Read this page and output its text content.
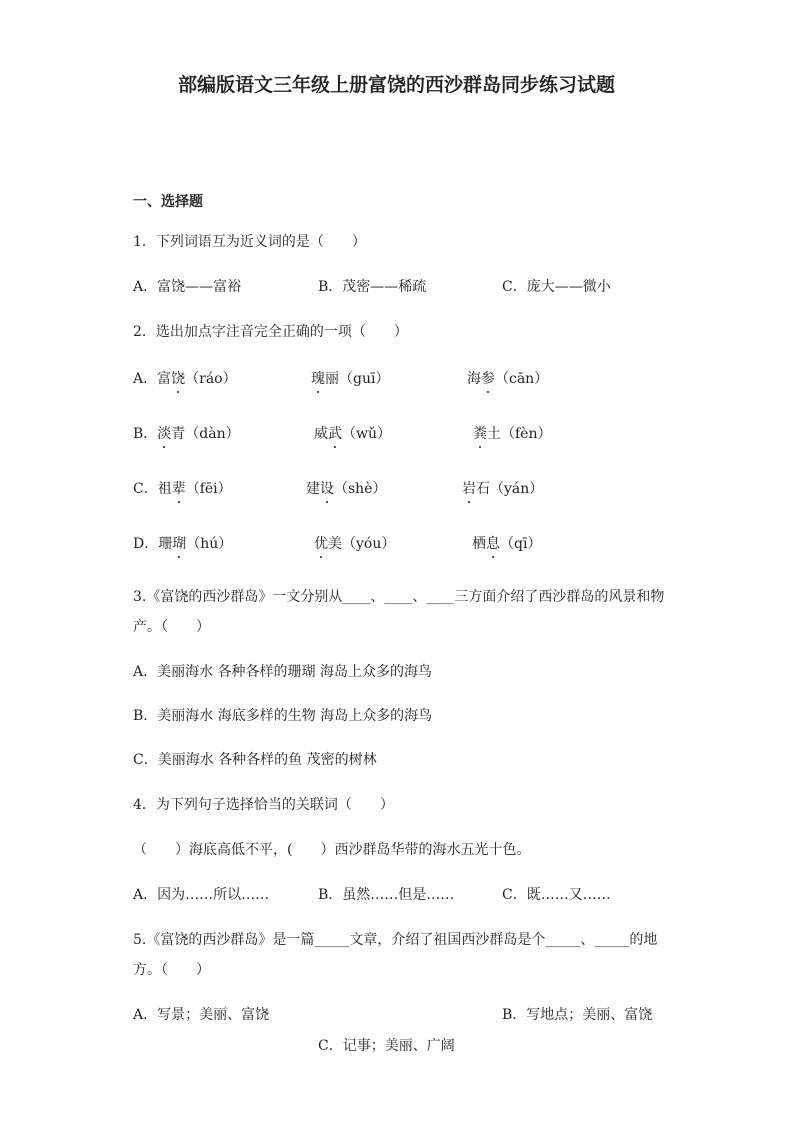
部编版语文三年级上册富饶的西沙群岛同步练习试题
一、选择题
1．下列词语互为近义词的是（　　）
A．富饶——富裕	B．茂密——稀疏	C．庞大——微小
2．选出加点字注音完全正确的一项（　　）
A．富饶（ráo）	瑰丽（guī）	海参（cān）
B．淡青（dàn）	威武（wǔ）	粪土（fèn）
C．祖辈（fēi）	建设（shè）	岩石（yán）
D．珊瑚（hú）	优美（yóu）	栖息（qī）
3.《富饶的西沙群岛》一文分别从____、____、____三方面介绍了西沙群岛的风景和物
产。（　　）
A．美丽海水 各种各样的珊瑚 海岛上众多的海鸟
B．美丽海水 海底多样的生物 海岛上众多的海鸟
C．美丽海水 各种各样的鱼 茂密的树林
4．为下列句子选择恰当的关联词（　　）
（　　）海底高低不平，(　　）西沙群岛华带的海水五光十色。
A．因为……所以……	B．虽然……但是……	C．既……又……
5.《富饶的西沙群岛》是一篇_____文章，介绍了祖国西沙群岛是个_____、_____的地
方。（　　）
A．写景；美丽、富饶	B．写地点；美丽、富饶
C．记事；美丽、广阔
